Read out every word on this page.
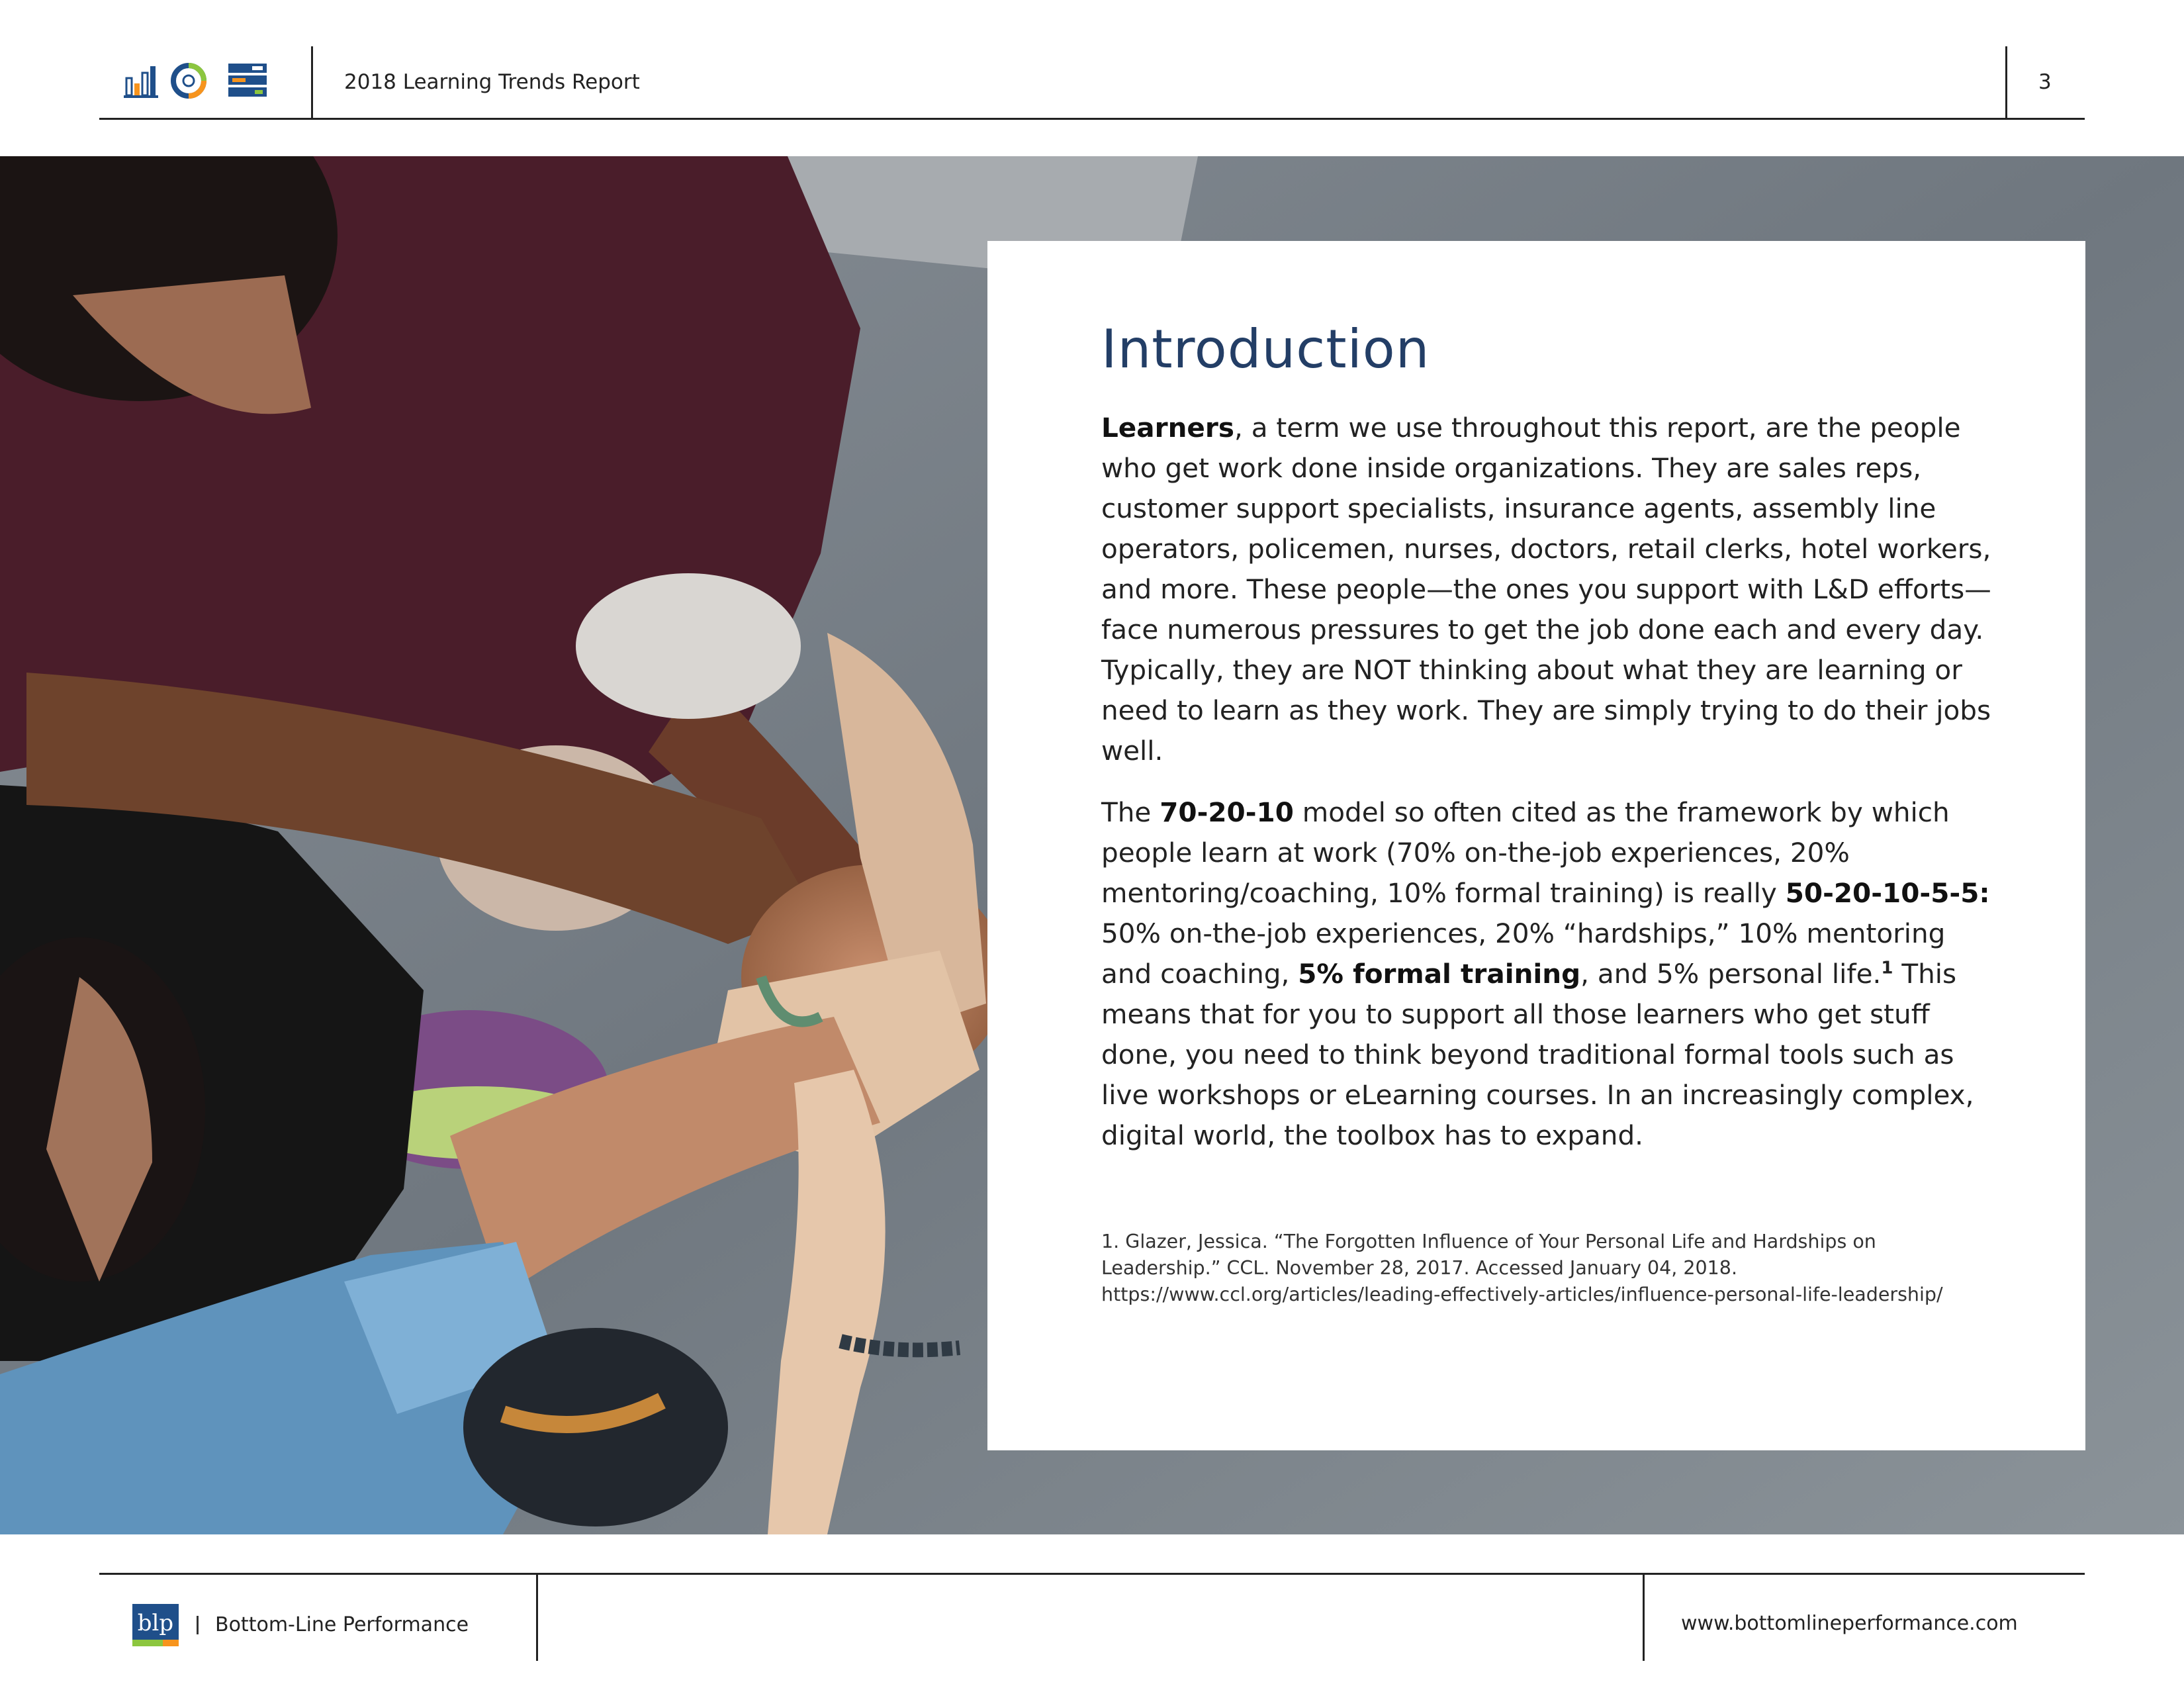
2018 Learning Trends Report	3
Introduction

Learners, a term we use throughout this report, are the people who get work done inside organizations. They are sales reps, customer support specialists, insurance agents, assembly line operators, policemen, nurses, doctors, retail clerks, hotel workers, and more. These people—the ones you support with L&D efforts—face numerous pressures to get the job done each and every day. Typically, they are NOT thinking about what they are learning or need to learn as they work. They are simply trying to do their jobs well.

The 70-20-10 model so often cited as the framework by which people learn at work (70% on-the-job experiences, 20% mentoring/coaching, 10% formal training) is really 50-20-10-5-5: 50% on-the-job experiences, 20% “hardships,” 10% mentoring and coaching, 5% formal training, and 5% personal life.$^1$ This means that for you to support all those learners who get stuff done, you need to think beyond traditional formal tools such as live workshops or eLearning courses. In an increasingly complex, digital world, the toolbox has to expand.

1. Glazer, Jessica. “The Forgotten Influence of Your Personal Life and Hardships on Leadership.” CCL. November 28, 2017. Accessed January 04, 2018. https://www.ccl.org/articles/leading-effectively-articles/influence-personal-life-leadership/
blp Bottom-Line Performance	www.bottomlineperformance.com
